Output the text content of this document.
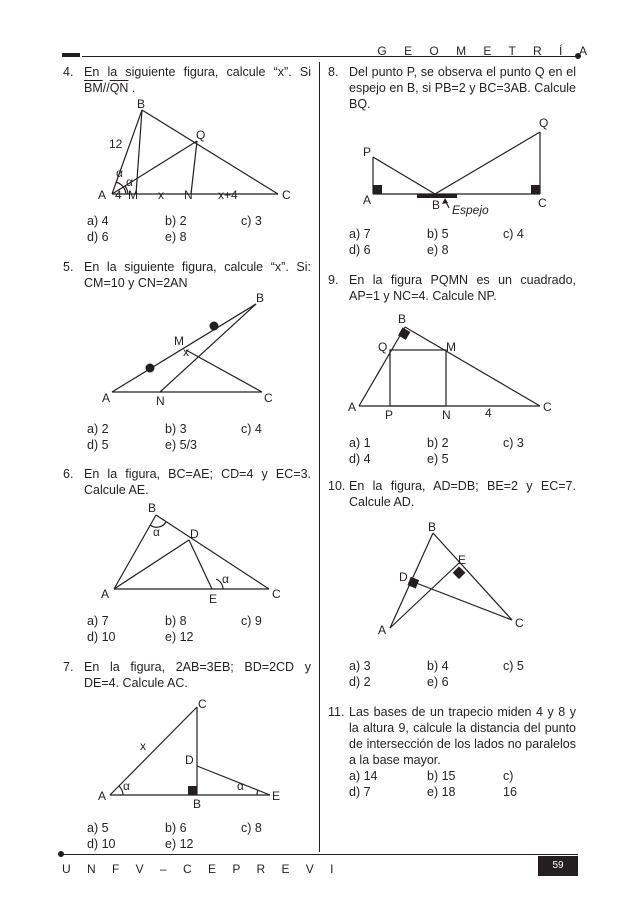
G E O M E T R Í A
4. En la siguiente figura, calcule “x”. Si $\overline{BM}//\overline{QN}$ .
B
Q
12
α
α
A 4 M x N x+4	C
a) 4	b) 2	c) 3
d) 6	e) 8
5. En la siguiente figura, calcule “x”. Si: CM=10 y CN=2AN
B
M
x
A	N	C
a) 2	b) 3	c) 4
d) 5	e) 5/3
6. En la figura, BC=AE; CD=4 y EC=3. Calcule AE.
B
α	D
α
A	E	C
a) 7	b) 8	c) 9
d) 10	e) 12
7. En la figura, 2AB=3EB; BD=2CD y DE=4. Calcule AC.
C
x
D
α	α
A
B
E
a) 5	b) 6	c) 8
d) 10	e) 12
8. Del punto P, se observa el punto Q en el espejo en B, si PB=2 y BC=3AB. Calcule BQ.
Q
P
A	B Espejo	C
a) 7	b) 5	c) 4
d) 6	e) 8
9. En la figura PQMN es un cuadrado, AP=1 y NC=4. Calcule NP.
B
Q	M
A
P	N	4	C
a) 1	b) 2	c) 3
d) 4	e) 5
10. En la figura, AD=DB; BE=2 y EC=7. Calcule AD.
B
E
D
A	C
a) 3	b) 4	c) 5
d) 2	e) 6
11. Las bases de un trapecio miden 4 y 8 y la altura 9, calcule la distancia del punto de intersección de los lados no paralelos a la base mayor.
a) 14	b) 15	c) 16
d) 7	e) 18
U N F V – C E P R E V I	59
